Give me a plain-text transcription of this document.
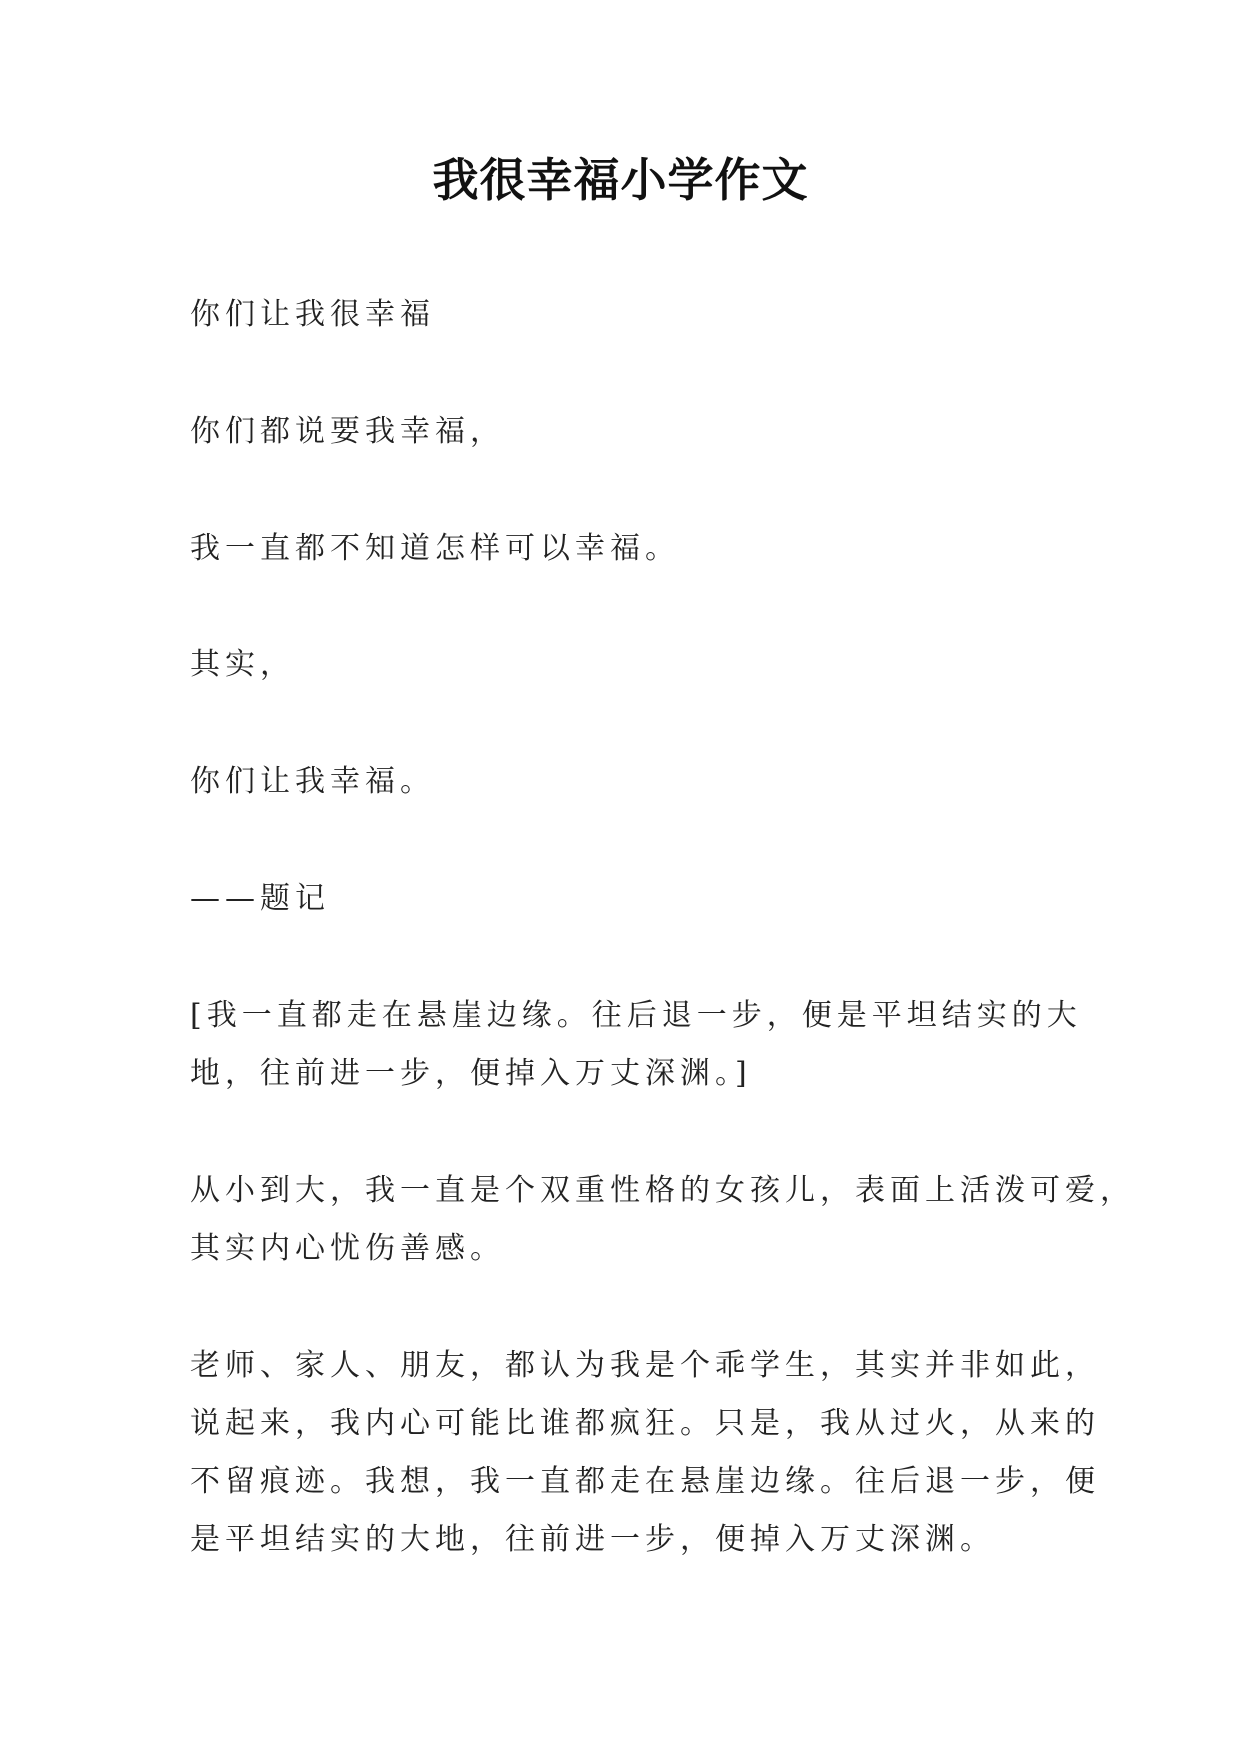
我很幸福小学作文
你们让我很幸福
你们都说要我幸福，
我一直都不知道怎样可以幸福。
其实，
你们让我幸福。
——题记
[我一直都走在悬崖边缘。往后退一步，便是平坦结实的大
地，往前进一步，便掉入万丈深渊。]
从小到大，我一直是个双重性格的女孩儿，表面上活泼可爱，
其实内心忧伤善感。
老师、家人、朋友，都认为我是个乖学生，其实并非如此，
说起来，我内心可能比谁都疯狂。只是，我从过火，从来的
不留痕迹。我想，我一直都走在悬崖边缘。往后退一步，便
是平坦结实的大地，往前进一步，便掉入万丈深渊。
